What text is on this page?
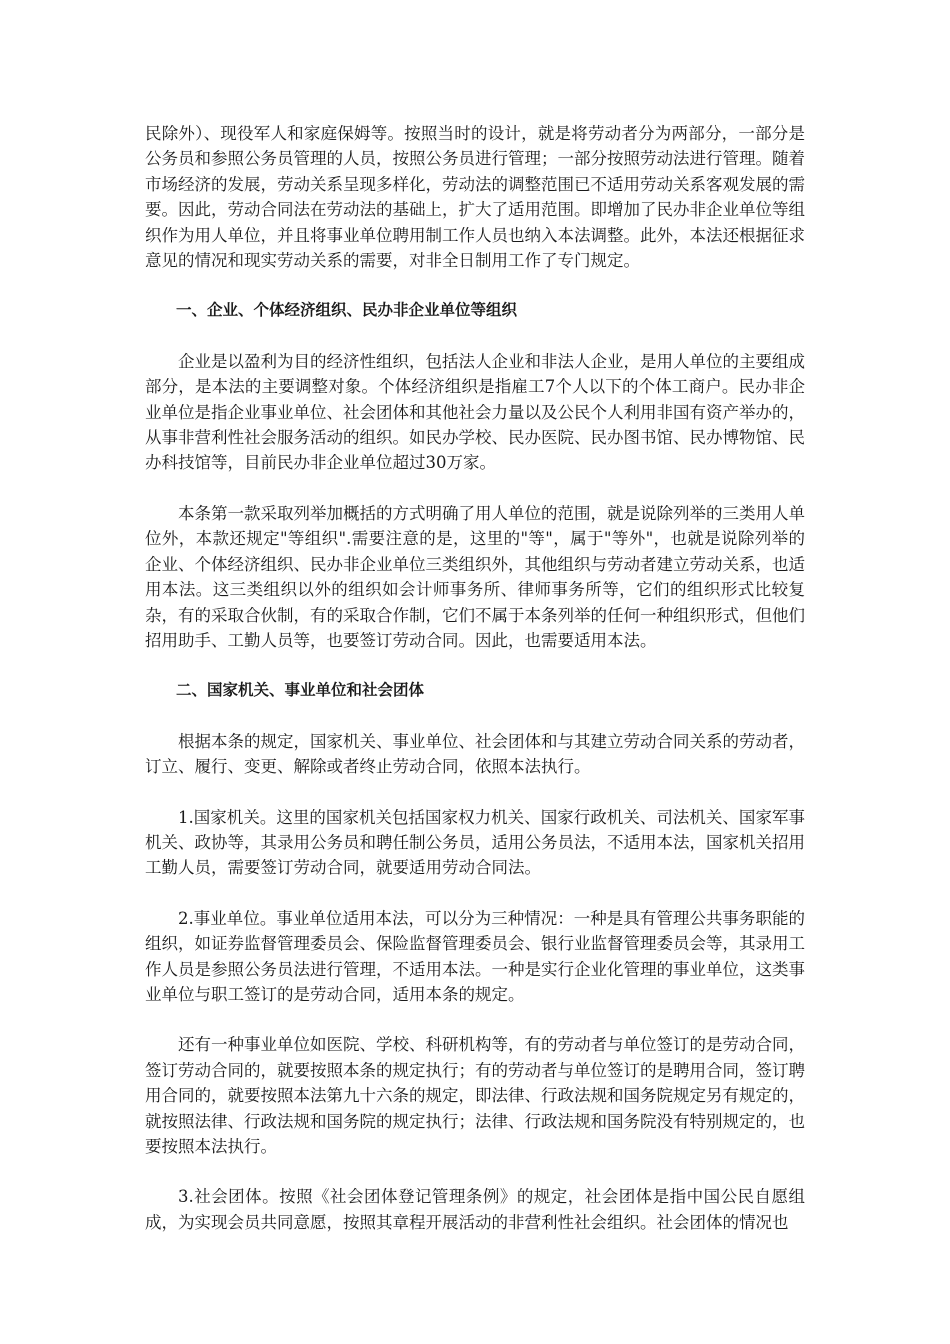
民除外）、现役军人和家庭保姆等。按照当时的设计，就是将劳动者分为两部分，一部分是公务员和参照公务员管理的人员，按照公务员进行管理；一部分按照劳动法进行管理。随着市场经济的发展，劳动关系呈现多样化，劳动法的调整范围已不适用劳动关系客观发展的需要。因此，劳动合同法在劳动法的基础上，扩大了适用范围。即增加了民办非企业单位等组织作为用人单位，并且将事业单位聘用制工作人员也纳入本法调整。此外，本法还根据征求意见的情况和现实劳动关系的需要，对非全日制用工作了专门规定。

一、企业、个体经济组织、民办非企业单位等组织

企业是以盈利为目的经济性组织，包括法人企业和非法人企业，是用人单位的主要组成部分，是本法的主要调整对象。个体经济组织是指雇工7个人以下的个体工商户。民办非企业单位是指企业事业单位、社会团体和其他社会力量以及公民个人利用非国有资产举办的，从事非营利性社会服务活动的组织。如民办学校、民办医院、民办图书馆、民办博物馆、民办科技馆等，目前民办非企业单位超过30万家。

本条第一款采取列举加概括的方式明确了用人单位的范围，就是说除列举的三类用人单位外，本款还规定"等组织".需要注意的是，这里的"等"，属于"等外"，也就是说除列举的企业、个体经济组织、民办非企业单位三类组织外，其他组织与劳动者建立劳动关系，也适用本法。这三类组织以外的组织如会计师事务所、律师事务所等，它们的组织形式比较复杂，有的采取合伙制，有的采取合作制，它们不属于本条列举的任何一种组织形式，但他们招用助手、工勤人员等，也要签订劳动合同。因此，也需要适用本法。

二、国家机关、事业单位和社会团体

根据本条的规定，国家机关、事业单位、社会团体和与其建立劳动合同关系的劳动者，订立、履行、变更、解除或者终止劳动合同，依照本法执行。

1.国家机关。这里的国家机关包括国家权力机关、国家行政机关、司法机关、国家军事机关、政协等，其录用公务员和聘任制公务员，适用公务员法，不适用本法，国家机关招用工勤人员，需要签订劳动合同，就要适用劳动合同法。

2.事业单位。事业单位适用本法，可以分为三种情况：一种是具有管理公共事务职能的组织，如证券监督管理委员会、保险监督管理委员会、银行业监督管理委员会等，其录用工作人员是参照公务员法进行管理，不适用本法。一种是实行企业化管理的事业单位，这类事业单位与职工签订的是劳动合同，适用本条的规定。

还有一种事业单位如医院、学校、科研机构等，有的劳动者与单位签订的是劳动合同，签订劳动合同的，就要按照本条的规定执行；有的劳动者与单位签订的是聘用合同，签订聘用合同的，就要按照本法第九十六条的规定，即法律、行政法规和国务院规定另有规定的，就按照法律、行政法规和国务院的规定执行；法律、行政法规和国务院没有特别规定的，也要按照本法执行。

3.社会团体。按照《社会团体登记管理条例》的规定，社会团体是指中国公民自愿组成，为实现会员共同意愿，按照其章程开展活动的非营利性社会组织。社会团体的情况也
